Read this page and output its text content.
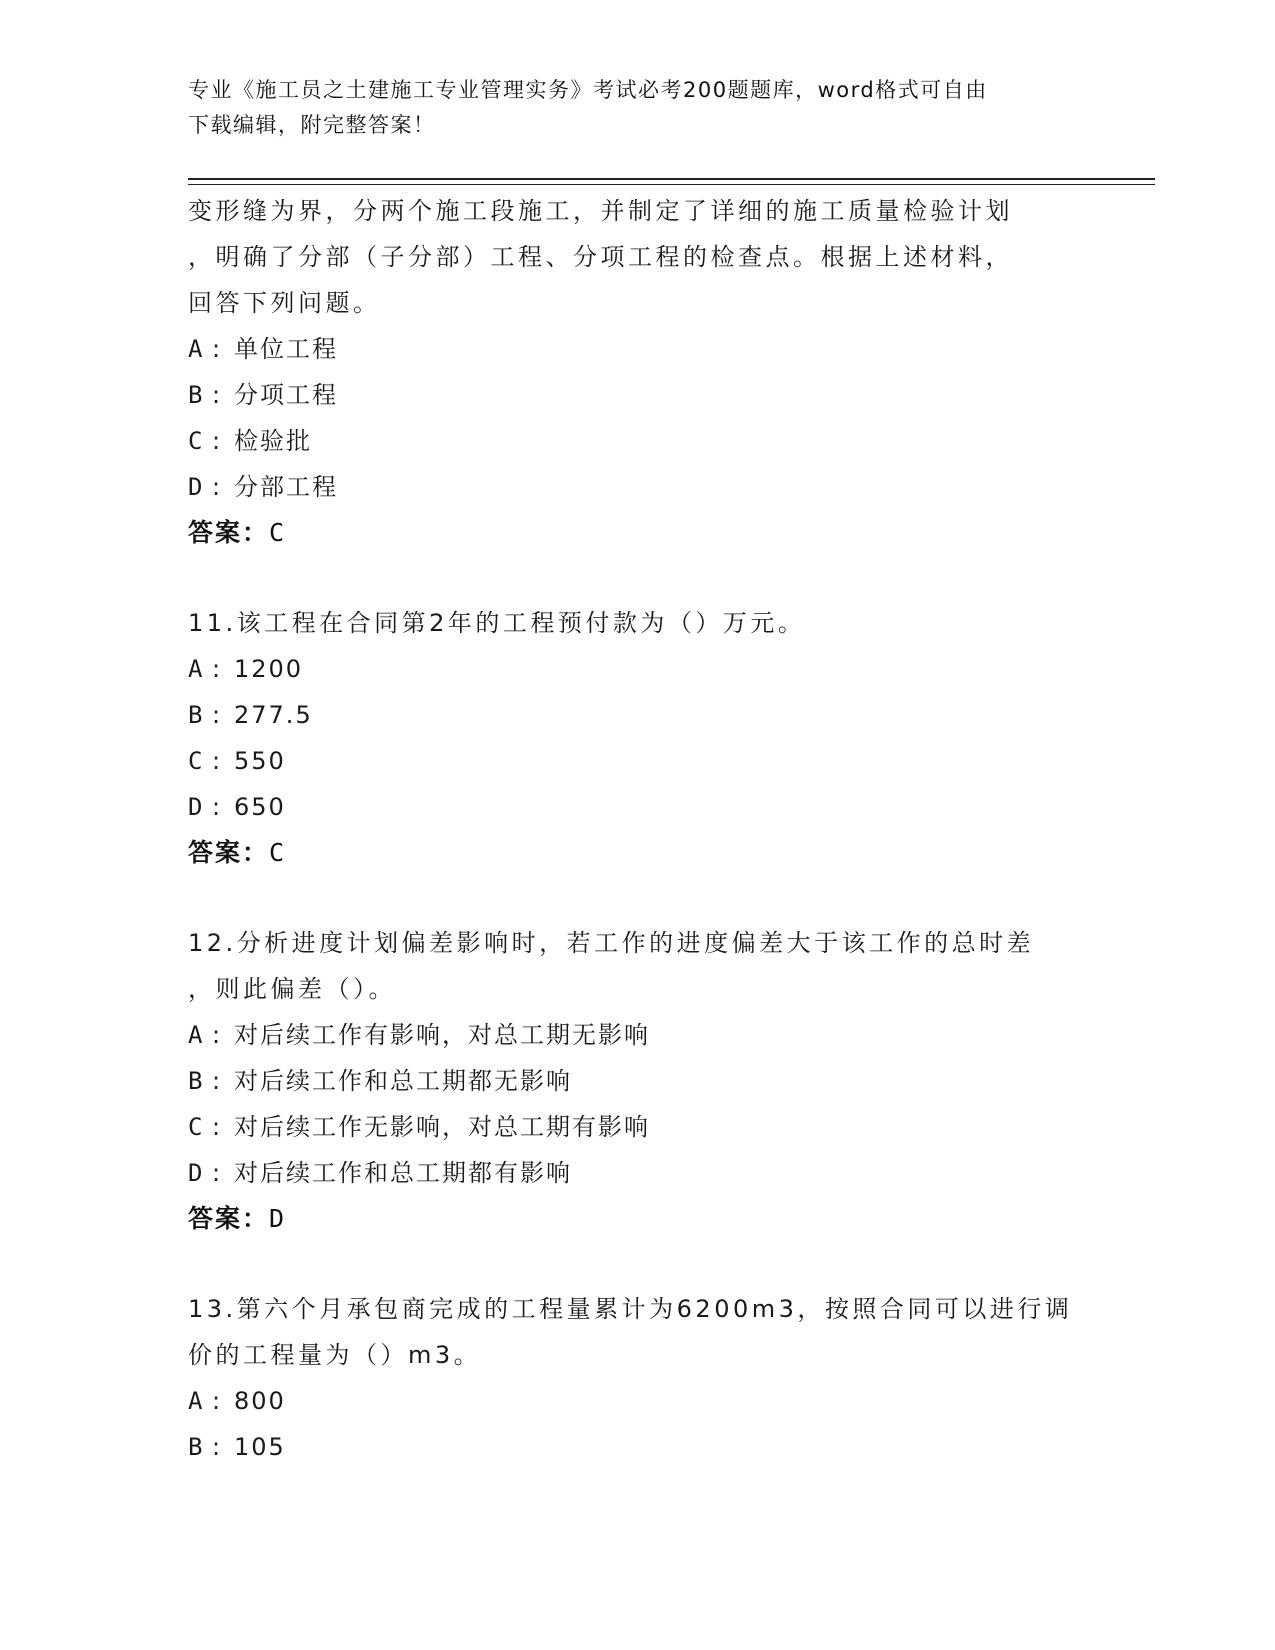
专业《施工员之土建施工专业管理实务》考试必考200题题库，word格式可自由
下载编辑，附完整答案！
变形缝为界，分两个施工段施工，并制定了详细的施工质量检验计划
，明确了分部（子分部）工程、分项工程的检查点。根据上述材料，
回答下列问题。
A : 单位工程
B : 分项工程
C : 检验批
D : 分部工程
答案：C
11.该工程在合同第2年的工程预付款为（）万元。
A : 1200
B : 277.5
C : 550
D : 650
答案：C
12.分析进度计划偏差影响时，若工作的进度偏差大于该工作的总时差
，则此偏差（）。
A : 对后续工作有影响，对总工期无影响
B : 对后续工作和总工期都无影响
C : 对后续工作无影响，对总工期有影响
D : 对后续工作和总工期都有影响
答案：D
13.第六个月承包商完成的工程量累计为6200m3，按照合同可以进行调
价的工程量为（）m3。
A : 800
B : 105
